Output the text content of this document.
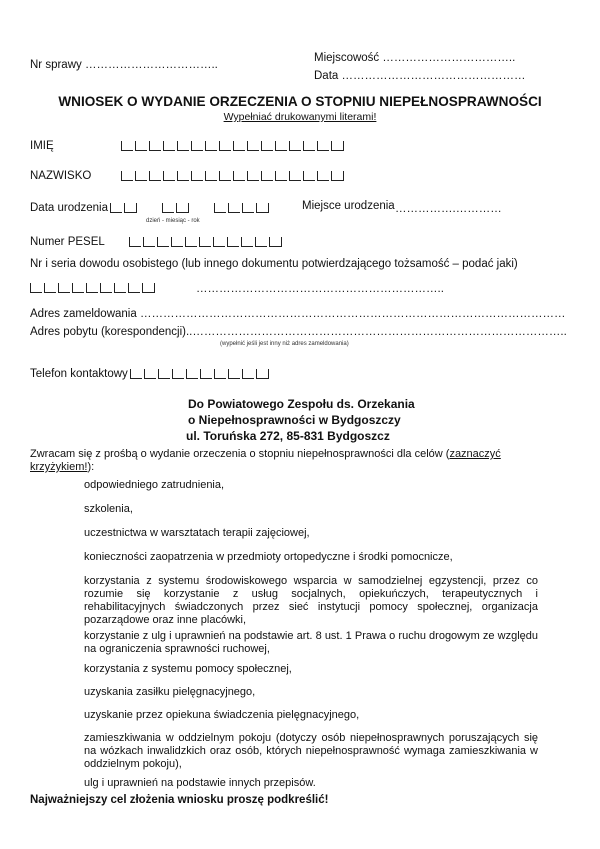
Nr sprawy ……………………………..
Miejscowość ……………………………..
Data …………………………………………
WNIOSEK O WYDANIE ORZECZENIA O STOPNIU NIEPEŁNOSPRAWNOŚCI
Wypełniać drukowanymi literami!
IMIĘ
NAZWISKO
Data urodzenia
dzień - miesiąc - rok
Miejsce urodzenia …………….…………
Numer PESEL
Nr i seria dowodu osobistego (lub innego dokumentu potwierdzającego tożsamość – podać jaki)
………………………………………………………..
Adres zameldowania …………………………………………………………………………………………………
Adres pobytu (korespondencji)..……………………………………………………………………………………..
(wypełnić jeśli jest inny niż adres zameldowania)
Telefon kontaktowy
Do Powiatowego Zespołu ds. Orzekania
o Niepełnosprawności w Bydgoszczy
ul. Toruńska 272, 85-831 Bydgoszcz
Zwracam się z prośbą o wydanie orzeczenia o stopniu niepełnosprawności dla celów (zaznaczyć
krzyżykiem!):
odpowiedniego zatrudnienia,
szkolenia,
uczestnictwa w warsztatach terapii zajęciowej,
konieczności zaopatrzenia w przedmioty ortopedyczne i środki pomocnicze,
korzystania z systemu środowiskowego wsparcia w samodzielnej egzystencji, przez co rozumie się korzystanie z usług socjalnych, opiekuńczych, terapeutycznych i rehabilitacyjnych świadczonych przez sieć instytucji pomocy społecznej, organizacja pozarządowe oraz inne placówki,
korzystanie z ulg i uprawnień na podstawie art. 8 ust. 1 Prawa o ruchu drogowym ze względu na ograniczenia sprawności ruchowej,
korzystania z systemu pomocy społecznej,
uzyskania zasiłku pielęgnacyjnego,
uzyskanie przez opiekuna świadczenia pielęgnacyjnego,
zamieszkiwania w oddzielnym pokoju (dotyczy osób niepełnosprawnych poruszających się na wózkach inwalidzkich oraz osób, których niepełnosprawność wymaga zamieszkiwania w oddzielnym pokoju),
ulg i uprawnień na podstawie innych przepisów.
Najważniejszy cel złożenia wniosku proszę podkreślić!
